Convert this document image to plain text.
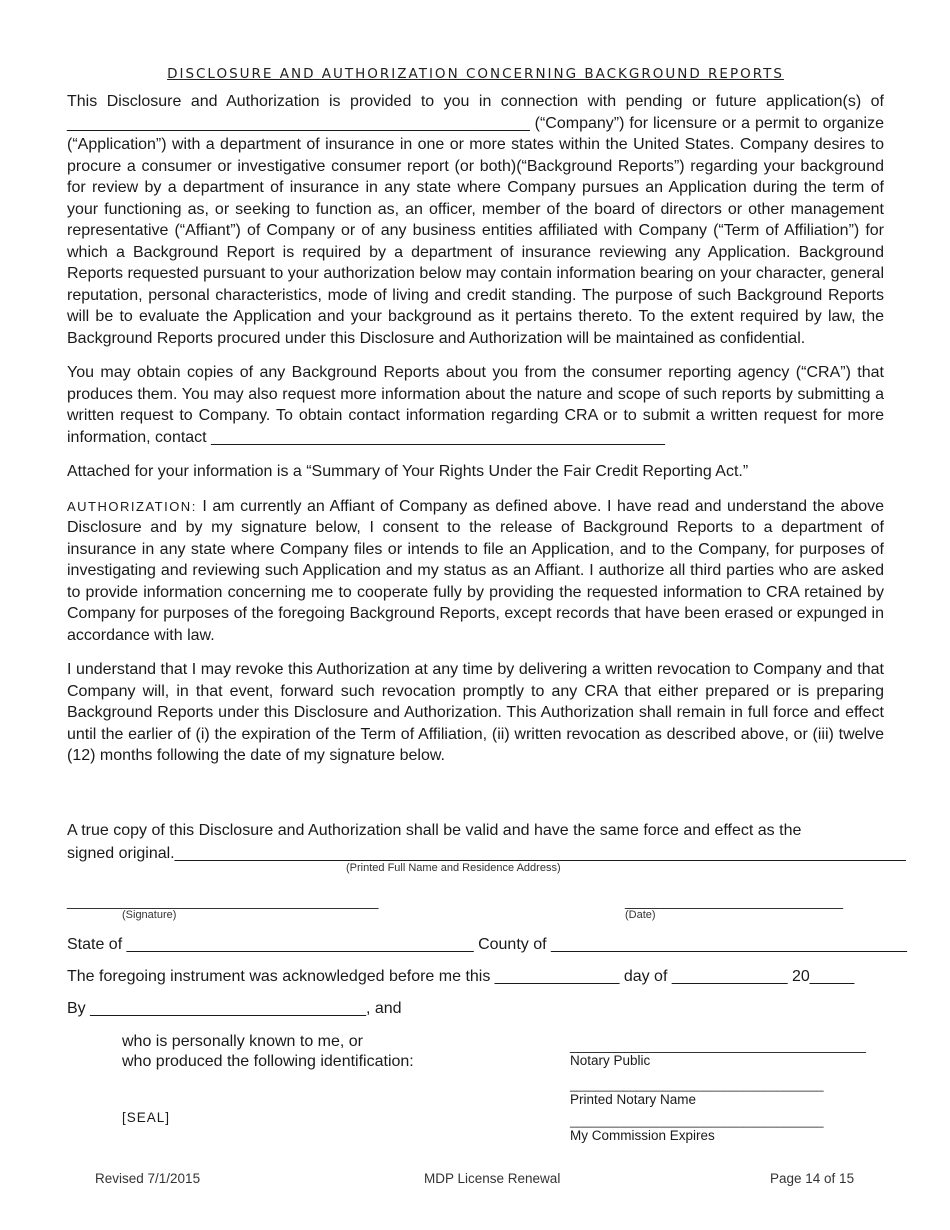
DISCLOSURE AND AUTHORIZATION CONCERNING BACKGROUND REPORTS

This Disclosure and Authorization is provided to you in connection with pending or future application(s) of ____________________________________________________ (“Company”) for licensure or a permit to organize (“Application”) with a department of insurance in one or more states within the United States. Company desires to procure a consumer or investigative consumer report (or both)(“Background Reports”) regarding your background for review by a department of insurance in any state where Company pursues an Application during the term of your functioning as, or seeking to function as, an officer, member of the board of directors or other management representative (“Affiant”) of Company or of any business entities affiliated with Company (“Term of Affiliation”) for which a Background Report is required by a department of insurance reviewing any Application. Background Reports requested pursuant to your authorization below may contain information bearing on your character, general reputation, personal characteristics, mode of living and credit standing. The purpose of such Background Reports will be to evaluate the Application and your background as it pertains thereto. To the extent required by law, the Background Reports procured under this Disclosure and Authorization will be maintained as confidential.

You may obtain copies of any Background Reports about you from the consumer reporting agency (“CRA”) that produces them. You may also request more information about the nature and scope of such reports by submitting a written request to Company. To obtain contact information regarding CRA or to submit a written request for more information, contact ___________________________________________________

Attached for your information is a “Summary of Your Rights Under the Fair Credit Reporting Act.”

AUTHORIZATION: I am currently an Affiant of Company as defined above. I have read and understand the above Disclosure and by my signature below, I consent to the release of Background Reports to a department of insurance in any state where Company files or intends to file an Application, and to the Company, for purposes of investigating and reviewing such Application and my status as an Affiant. I authorize all third parties who are asked to provide information concerning me to cooperate fully by providing the requested information to CRA retained by Company for purposes of the foregoing Background Reports, except records that have been erased or expunged in accordance with law.

I understand that I may revoke this Authorization at any time by delivering a written revocation to Company and that Company will, in that event, forward such revocation promptly to any CRA that either prepared or is preparing Background Reports under this Disclosure and Authorization. This Authorization shall remain in full force and effect until the earlier of (i) the expiration of the Term of Affiliation, (ii) written revocation as described above, or (iii) twelve (12) months following the date of my signature below.

A true copy of this Disclosure and Authorization shall be valid and have the same force and effect as the
signed original._______________________________________________________________________________________
(Printed Full Name and Residence Address)
________________________________________
(Signature)
____________________________
(Date)
State of _______________________________________ County of ________________________________________
The foregoing instrument was acknowledged before me this ______________ day of _____________ 20_____
By _______________________________, and
who is personally known to me, or
who produced the following identification:
[SEAL]
______________________________________
Notary Public
______________________________________
Printed Notary Name
______________________________________
My Commission Expires
Revised 7/1/2015	MDP License Renewal	Page 14 of 15
